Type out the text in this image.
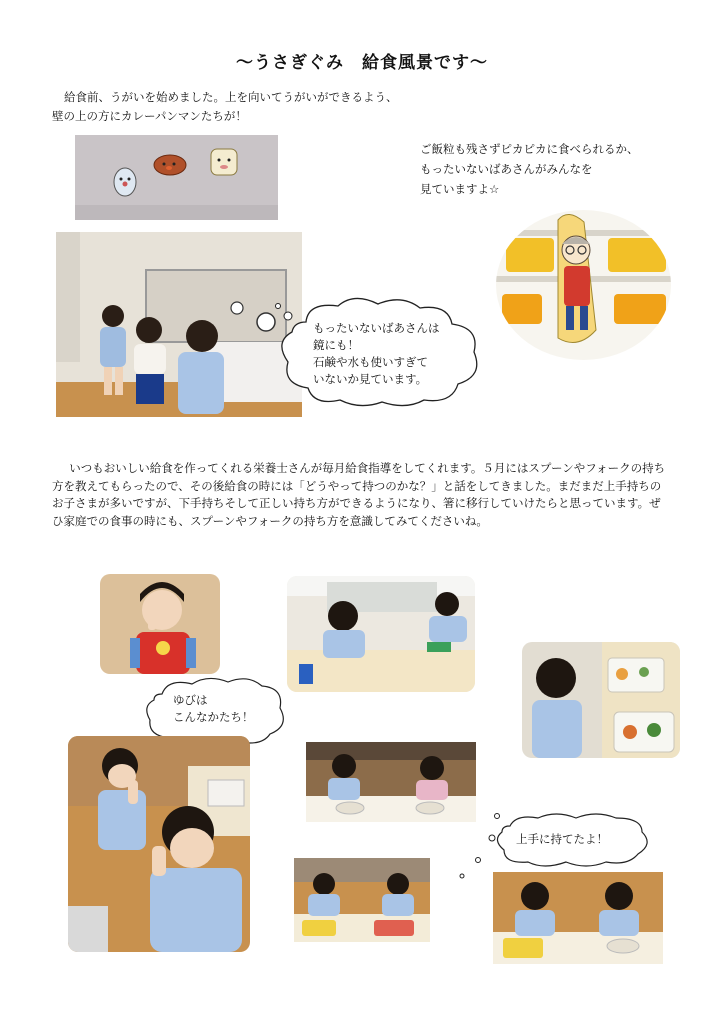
～うさぎぐみ　給食風景です～
給食前、うがいを始めました。上を向いてうがいができるよう、
壁の上の方にカレーパンマンたちが！
ご飯粒も残さずピカピカに食べられるか、
もったいないばあさんがみんなを
見ていますよ☆
もったいないばあさんは
鏡にも！
石鹸や水も使いすぎて
いないか見ています。
いつもおいしい給食を作ってくれる栄養士さんが毎月給食指導をしてくれます。５月にはスプーンやフォークの持ち方を教えてもらったので、その後給食の時には「どうやって持つのかな？」と話をしてきました。まだまだ上手持ちのお子さまが多いですが、下手持ちそして正しい持ち方ができるようになり、箸に移行していけたらと思っています。ぜひ家庭での食事の時にも、スプーンやフォークの持ち方を意識してみてくださいね。
ゆびは
こんなかたち！
上手に持てたよ！
